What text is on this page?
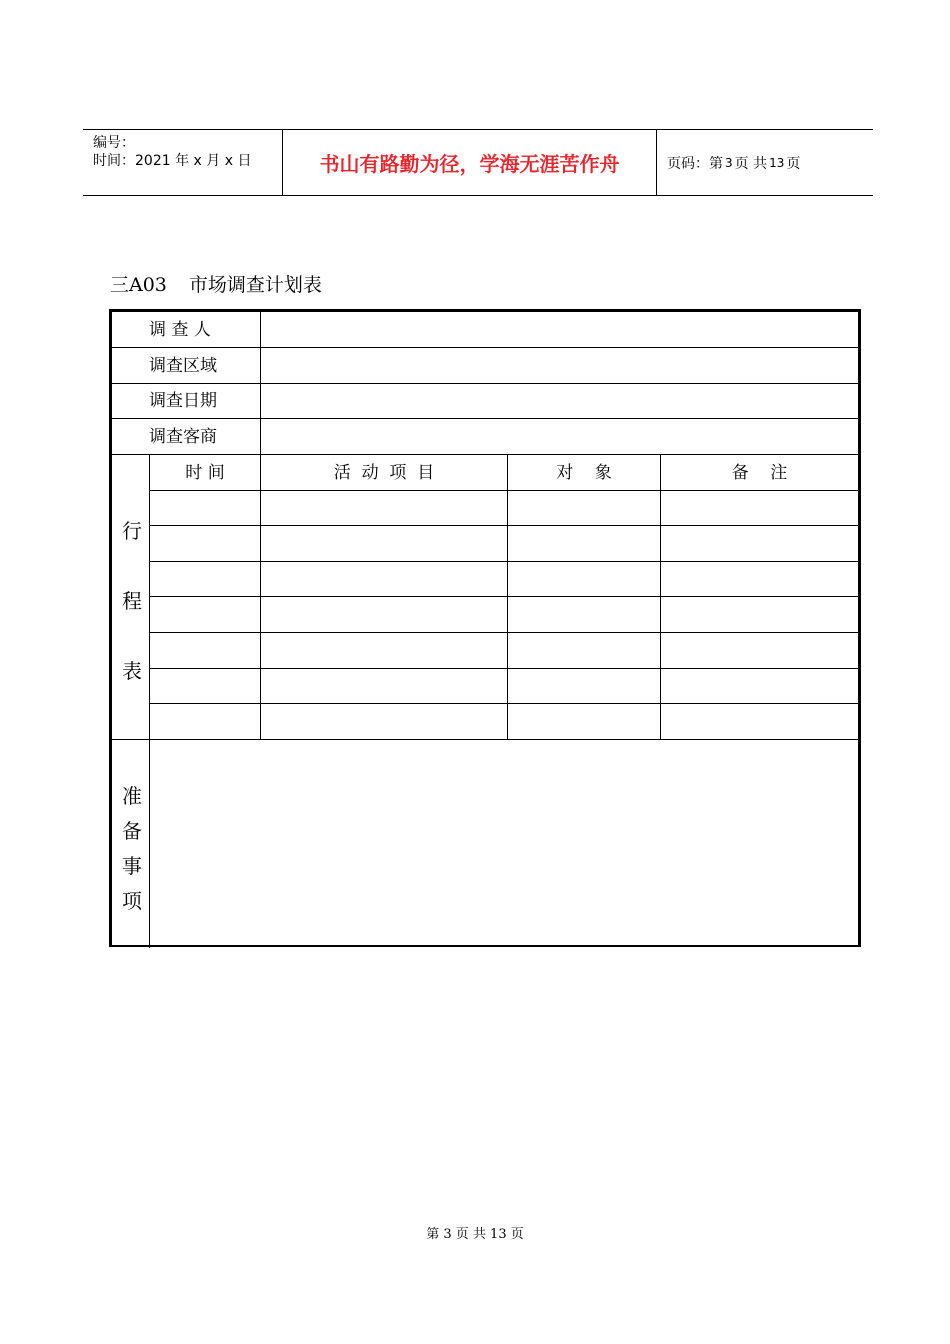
编号：
时间：2021 年 x 月 x 日	书山有路勤为径，学海无涯苦作舟	页码：第 3 页 共 13 页
三A03 市场调查计划表
调 查 人
调查区域
调查日期
调查客商
时 间	活  动  项  目	对    象	备    注
行
程
表
准
备
事
项
第 3 页 共 13 页
